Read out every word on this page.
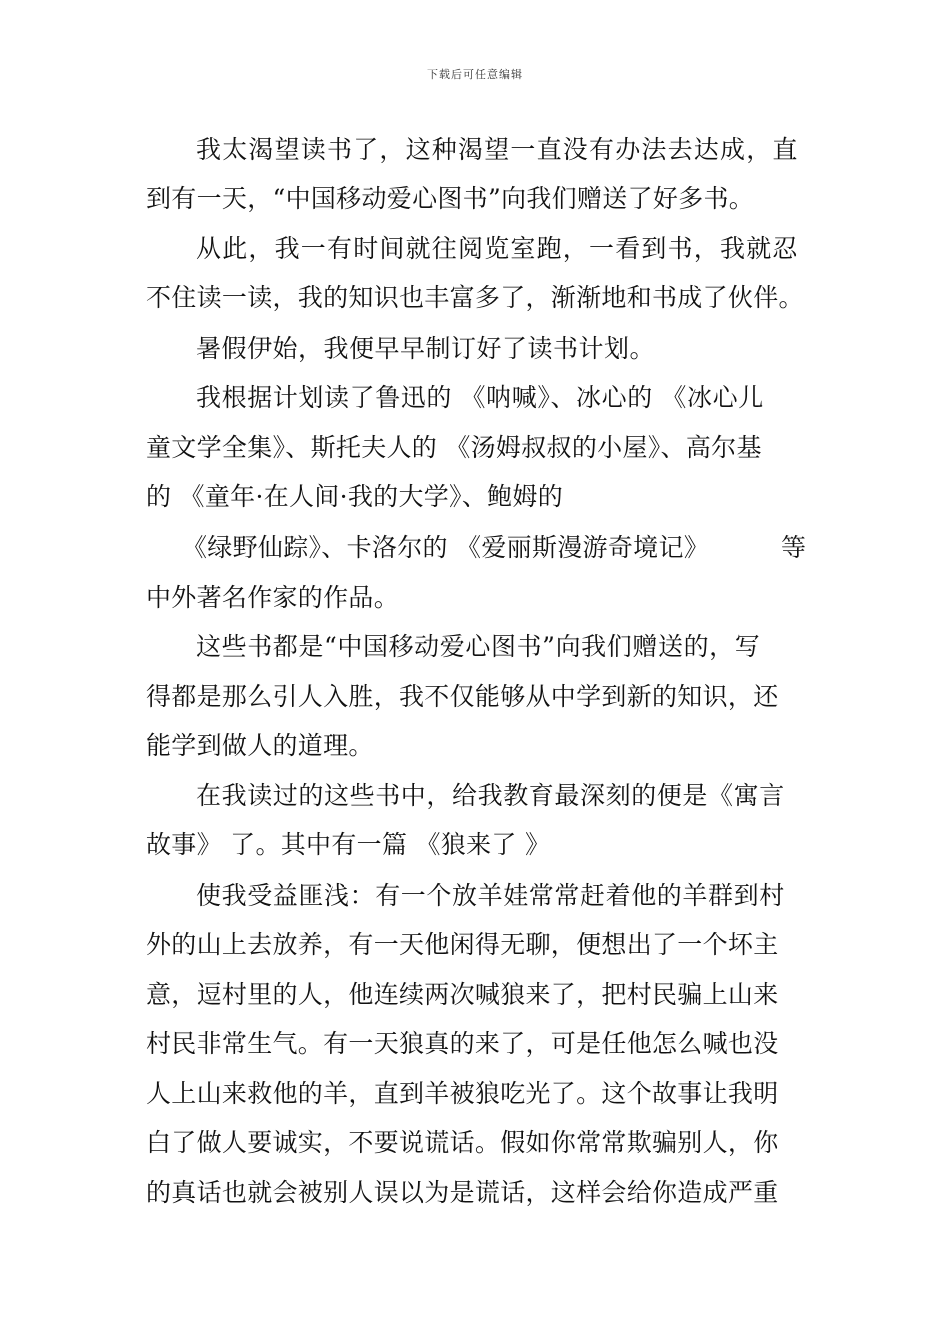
下载后可任意编辑
我太渴望读书了，这种渴望一直没有办法去达成，直
到有一天，“中国移动爱心图书”向我们赠送了好多书。
从此，我一有时间就往阅览室跑，一看到书，我就忍
不住读一读，我的知识也丰富多了，渐渐地和书成了伙伴。
暑假伊始，我便早早制订好了读书计划。
我根据计划读了鲁迅的 《呐喊》、冰心的 《冰心儿
童文学全集》、斯托夫人的 《汤姆叔叔的小屋》、高尔基
的 《童年·在人间·我的大学》、鲍姆的
《绿野仙踪》、卡洛尔的 《爱丽斯漫游奇境记》	等
中外著名作家的作品。
这些书都是“中国移动爱心图书”向我们赠送的，写
得都是那么引人入胜，我不仅能够从中学到新的知识，还
能学到做人的道理。
在我读过的这些书中，给我教育最深刻的便是《寓言
故事》 了。其中有一篇 《狼来了 》
使我受益匪浅：有一个放羊娃常常赶着他的羊群到村
外的山上去放养，有一天他闲得无聊，便想出了一个坏主
意，逗村里的人，他连续两次喊狼来了，把村民骗上山来
村民非常生气。有一天狼真的来了，可是任他怎么喊也没
人上山来救他的羊，直到羊被狼吃光了。这个故事让我明
白了做人要诚实，不要说谎话。假如你常常欺骗别人，你
的真话也就会被别人误以为是谎话，这样会给你造成严重
